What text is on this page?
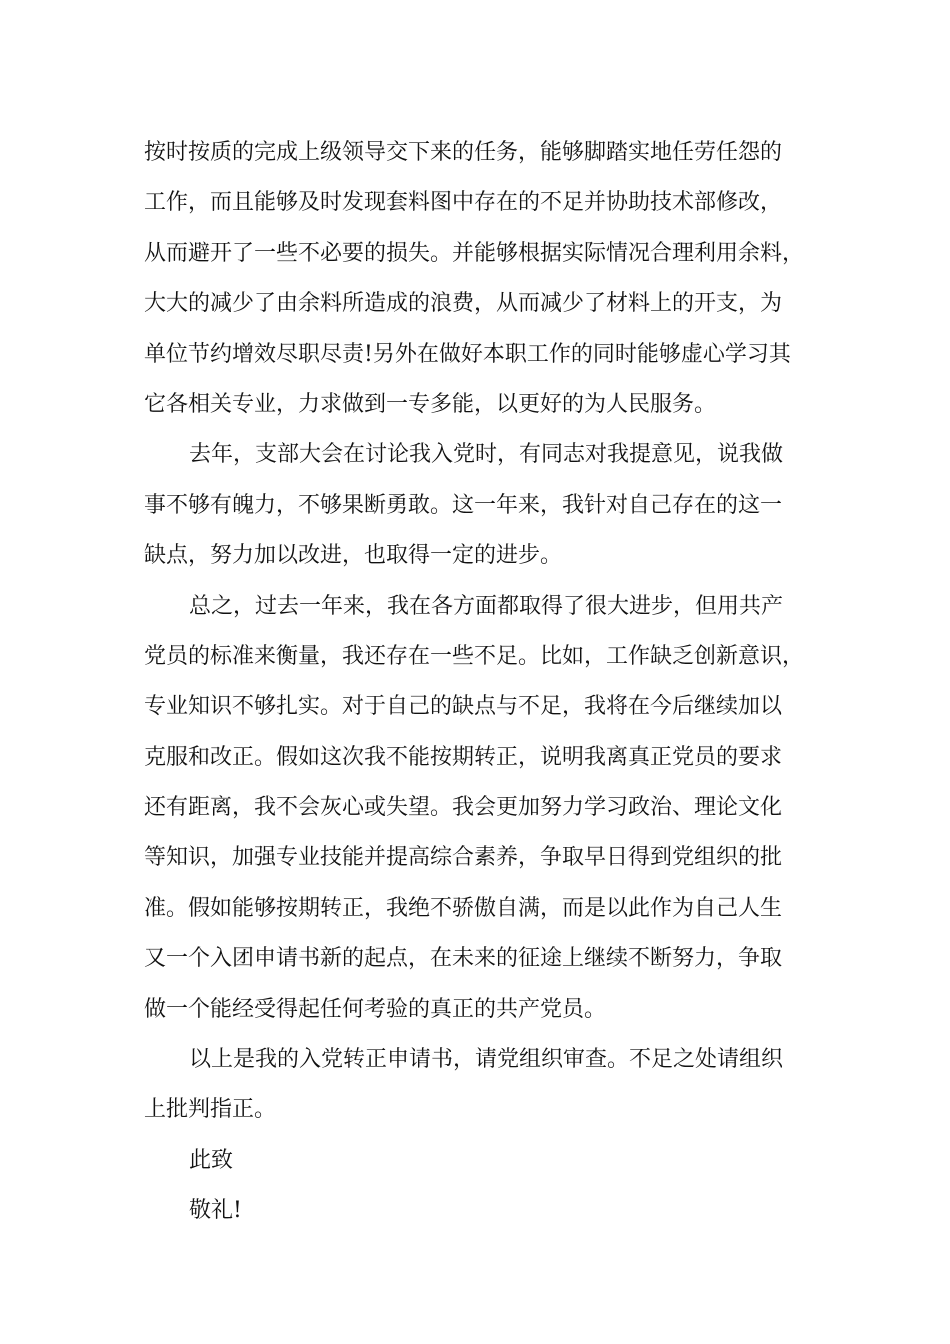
按时按质的完成上级领导交下来的任务，能够脚踏实地任劳任怨的
工作，而且能够及时发现套料图中存在的不足并协助技术部修改，
从而避开了一些不必要的损失。并能够根据实际情况合理利用余料，
大大的减少了由余料所造成的浪费，从而减少了材料上的开支，为
单位节约增效尽职尽责!另外在做好本职工作的同时能够虚心学习其
它各相关专业，力求做到一专多能，以更好的为人民服务。
去年，支部大会在讨论我入党时，有同志对我提意见，说我做
事不够有魄力，不够果断勇敢。这一年来，我针对自己存在的这一
缺点，努力加以改进，也取得一定的进步。
总之，过去一年来，我在各方面都取得了很大进步，但用共产
党员的标准来衡量，我还存在一些不足。比如，工作缺乏创新意识，
专业知识不够扎实。对于自己的缺点与不足，我将在今后继续加以
克服和改正。假如这次我不能按期转正，说明我离真正党员的要求
还有距离，我不会灰心或失望。我会更加努力学习政治、理论文化
等知识，加强专业技能并提高综合素养，争取早日得到党组织的批
准。假如能够按期转正，我绝不骄傲自满，而是以此作为自己人生
又一个入团申请书新的起点，在未来的征途上继续不断努力，争取
做一个能经受得起任何考验的真正的共产党员。
以上是我的入党转正申请书，请党组织审查。不足之处请组织
上批判指正。
此致
敬礼!
